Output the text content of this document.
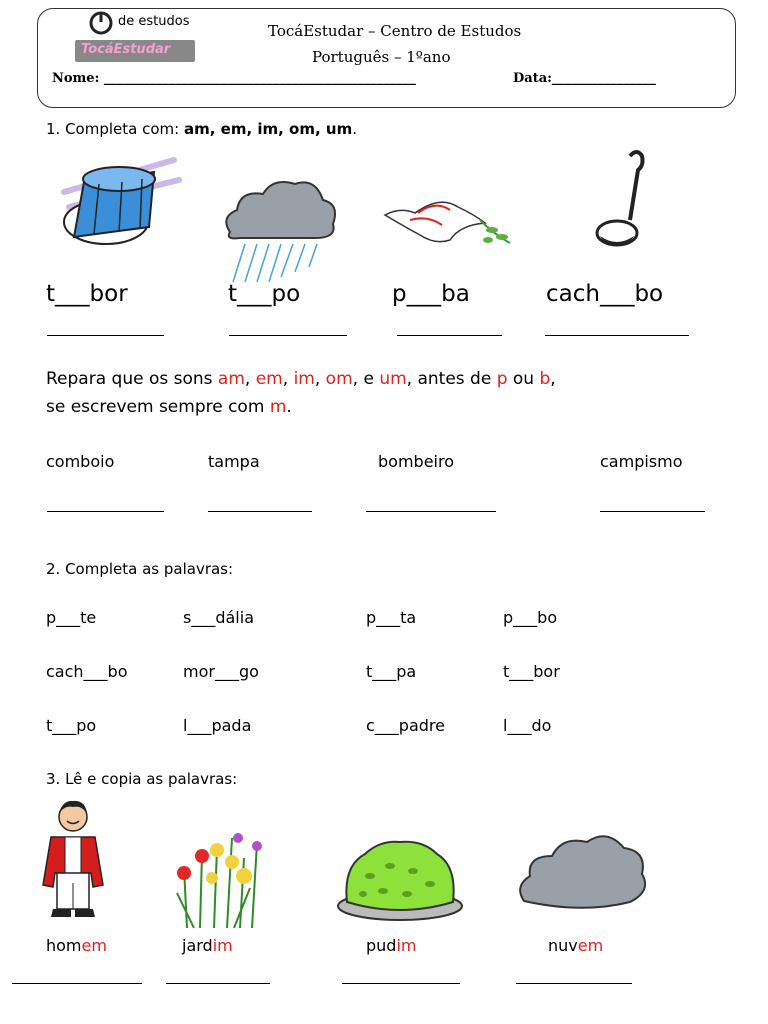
de estudos
TocáEstudar
TocáEstudar – Centro de Estudos
Português – 1ºano
Nome: ________________________________________________	Data:________________
1. Completa com: am, em, im, om, um.
t___bor	t___po	p___ba	cach___bo
Repara que os sons am, em, im, om, e um, antes de p ou b,
se escrevem sempre com m.
comboio	tampa	bombeiro	campismo
2. Completa as palavras:
p___te	s___dália	p___ta	p___bo
cach___bo	mor___go	t___pa	t___bor
t___po	l___pada	c___padre	l___do
3. Lê e copia as palavras:
homem	jardim	pudim	nuvem
